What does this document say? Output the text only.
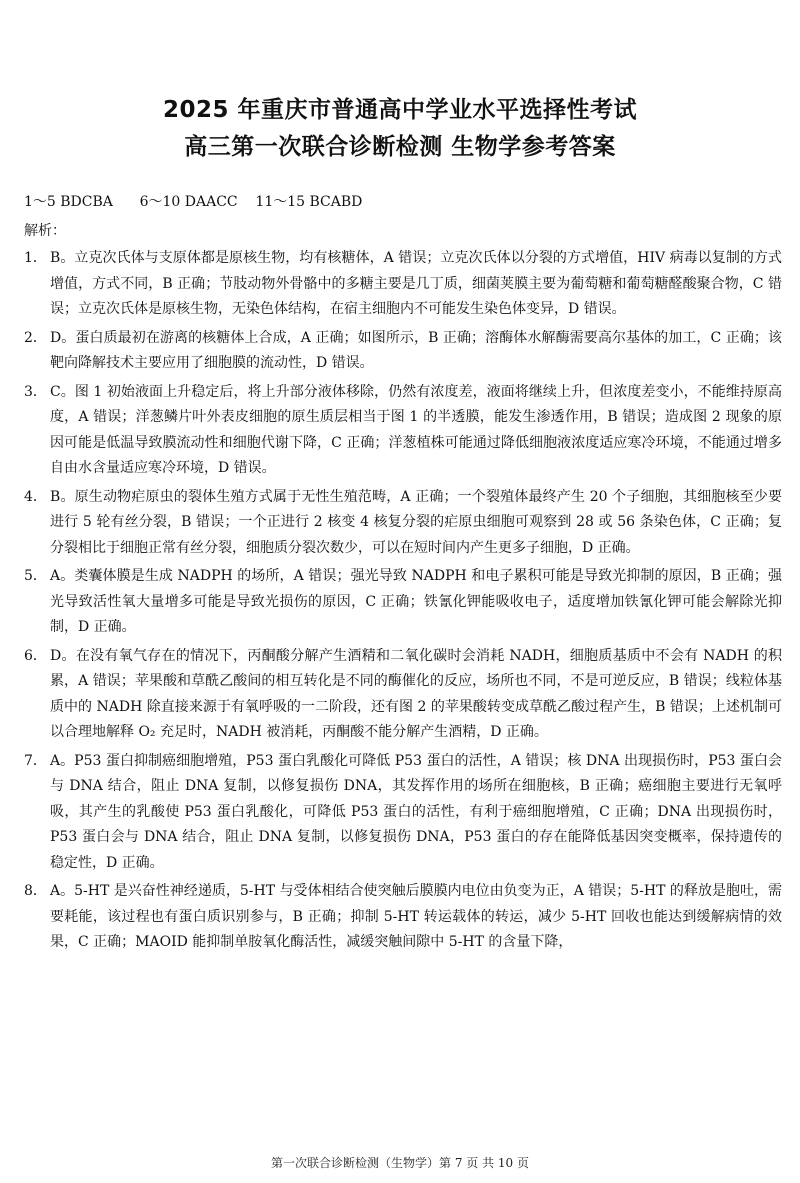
2025 年重庆市普通高中学业水平选择性考试
高三第一次联合诊断检测 生物学参考答案
1～5 BDCBA      6～10 DAACC    11～15 BCABD
解析：
1． B。立克次氏体与支原体都是原核生物，均有核糖体，A 错误；立克次氏体以分裂的方式增值，HIV 病毒以复制的方式增值，方式不同，B 正确；节肢动物外骨骼中的多糖主要是几丁质，细菌荚膜主要为葡萄糖和葡萄糖醛酸聚合物，C 错误；立克次氏体是原核生物，无染色体结构，在宿主细胞内不可能发生染色体变异，D 错误。
2． D。蛋白质最初在游离的核糖体上合成，A 正确；如图所示，B 正确；溶酶体水解酶需要高尔基体的加工，C 正确；该靶向降解技术主要应用了细胞膜的流动性，D 错误。
3． C。图 1 初始液面上升稳定后，将上升部分液体移除，仍然有浓度差，液面将继续上升，但浓度差变小，不能维持原高度，A 错误；洋葱鳞片叶外表皮细胞的原生质层相当于图 1 的半透膜，能发生渗透作用，B 错误；造成图 2 现象的原因可能是低温导致膜流动性和细胞代谢下降，C 正确；洋葱植株可能通过降低细胞液浓度适应寒冷环境，不能通过增多自由水含量适应寒冷环境，D 错误。
4． B。原生动物疟原虫的裂体生殖方式属于无性生殖范畴，A 正确；一个裂殖体最终产生 20 个子细胞，其细胞核至少要进行 5 轮有丝分裂，B 错误；一个正进行 2 核变 4 核复分裂的疟原虫细胞可观察到 28 或 56 条染色体，C 正确；复分裂相比于细胞正常有丝分裂，细胞质分裂次数少，可以在短时间内产生更多子细胞，D 正确。
5． A。类囊体膜是生成 NADPH 的场所，A 错误；强光导致 NADPH 和电子累积可能是导致光抑制的原因，B 正确；强光导致活性氧大量增多可能是导致光损伤的原因，C 正确；铁氰化钾能吸收电子，适度增加铁氰化钾可能会解除光抑制，D 正确。
6． D。在没有氧气存在的情况下，丙酮酸分解产生酒精和二氧化碳时会消耗 NADH，细胞质基质中不会有 NADH 的积累，A 错误；苹果酸和草酰乙酸间的相互转化是不同的酶催化的反应，场所也不同，不是可逆反应，B 错误；线粒体基质中的 NADH 除直接来源于有氧呼吸的一二阶段，还有图 2 的苹果酸转变成草酰乙酸过程产生，B 错误；上述机制可以合理地解释 O₂ 充足时，NADH 被消耗，丙酮酸不能分解产生酒精，D 正确。
7． A。P53 蛋白抑制癌细胞增殖，P53 蛋白乳酸化可降低 P53 蛋白的活性，A 错误；核 DNA 出现损伤时，P53 蛋白会与 DNA 结合，阻止 DNA 复制，以修复损伤 DNA，其发挥作用的场所在细胞核，B 正确；癌细胞主要进行无氧呼吸，其产生的乳酸使 P53 蛋白乳酸化，可降低 P53 蛋白的活性，有利于癌细胞增殖，C 正确；DNA 出现损伤时，P53 蛋白会与 DNA 结合，阻止 DNA 复制，以修复损伤 DNA，P53 蛋白的存在能降低基因突变概率，保持遗传的稳定性，D 正确。
8． A。5-HT 是兴奋性神经递质，5-HT 与受体相结合使突触后膜膜内电位由负变为正，A 错误；5-HT 的释放是胞吐，需要耗能，该过程也有蛋白质识别参与，B 正确；抑制 5-HT 转运载体的转运，减少 5-HT 回收也能达到缓解病情的效果，C 正确；MAOID 能抑制单胺氧化酶活性，减缓突触间隙中 5-HT 的含量下降，
第一次联合诊断检测（生物学）第 7 页 共 10 页
